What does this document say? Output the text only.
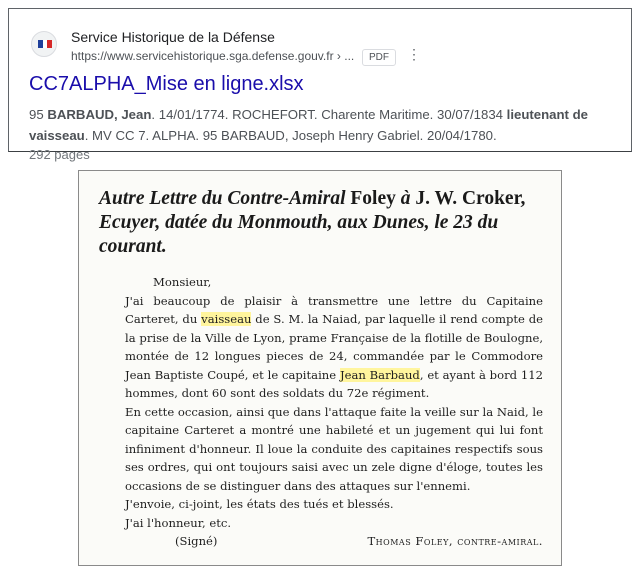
Service Historique de la Défense
https://www.servicehistorique.sga.defense.gouv.fr › ...	PDF	⋮
CC7ALPHA_Mise en ligne.xlsx
95 BARBAUD, Jean. 14/01/1774. ROCHEFORT. Charente Maritime. 30/07/1834 lieutenant de vaisseau. MV CC 7. ALPHA. 95 BARBAUD, Joseph Henry Gabriel. 20/04/1780.
292 pages
Autre Lettre du Contre-Amiral Foley à J. W. Croker, Ecuyer, datée du Monmouth, aux Dunes, le 23 du courant.

Monsieur,

J'ai beaucoup de plaisir à transmettre une lettre du Capitaine Carteret, du vaisseau de S. M. la Naiad, par laquelle il rend compte de la prise de la Ville de Lyon, prame Française de la flotille de Boulogne, montée de 12 longues pieces de 24, commandée par le Commodore Jean Baptiste Coupé, et le capitaine Jean Barbaud, et ayant à bord 112 hommes, dont 60 sont des soldats du 72e régiment.

En cette occasion, ainsi que dans l'attaque faite la veille sur la Naid, le capitaine Carteret a montré une habileté et un jugement qui lui font infiniment d'honneur. Il loue la conduite des capitaines respectifs sous ses ordres, qui ont toujours saisi avec un zele digne d'éloge, toutes les occasions de se distinguer dans des attaques sur l'ennemi.

J'envoie, ci-joint, les états des tués et blessés.

J'ai l'honneur, etc.

(Signé)	Thomas Foley, contre-amiral.
